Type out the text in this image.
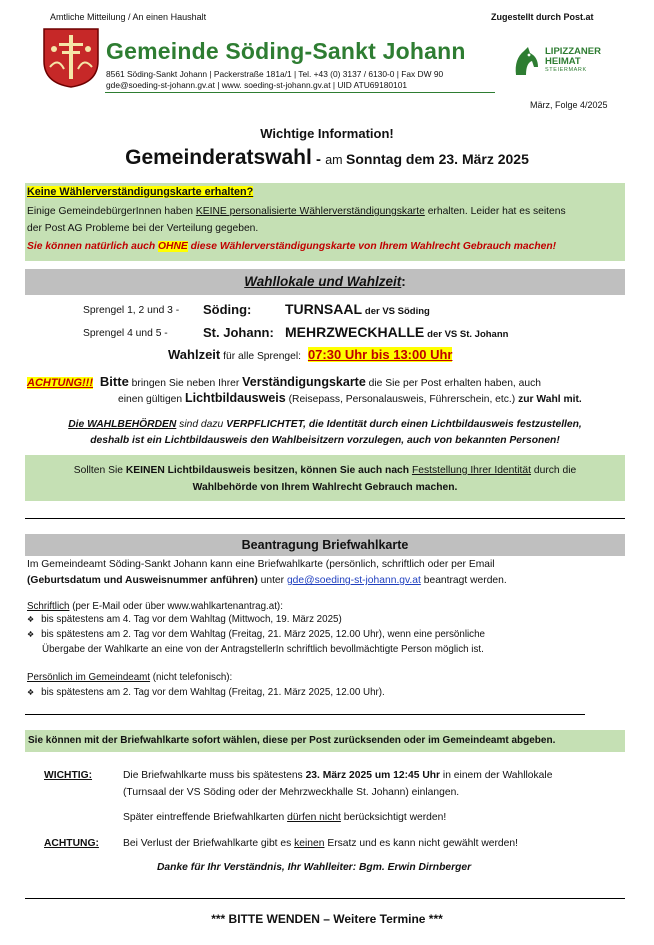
Amtliche Mitteilung / An einen Haushalt	Zugestellt durch Post.at
Gemeinde Söding-Sankt Johann
8561 Söding-Sankt Johann | Packerstraße 181a/1 | Tel. +43 (0) 3137 / 6130-0 | Fax DW 90
gde@soeding-st-johann.gv.at | www. soeding-st-johann.gv.at | UID ATU69180101
LIPIZZANER
HEIMAT
STEIERMARK
März, Folge 4/2025
Wichtige Information!
Gemeinderatswahl - am Sonntag dem 23. März 2025
Keine Wählerverständigungskarte erhalten?
Einige GemeindebürgerInnen haben KEINE personalisierte Wählerverständigungskarte erhalten. Leider hat es seitens
der Post AG Probleme bei der Verteilung gegeben.
Sie können natürlich auch OHNE diese Wählerverständigungskarte von Ihrem Wahlrecht Gebrauch machen!
Wahllokale und Wahlzeit:
Sprengel 1, 2 und 3 - Söding: TURNSAAL der VS Söding
Sprengel 4 und 5 -	St. Johann: MEHRZWECKHALLE der VS St. Johann
Wahlzeit für alle Sprengel: 07:30 Uhr bis 13:00 Uhr
ACHTUNG!!! Bitte bringen Sie neben Ihrer Verständigungskarte die Sie per Post erhalten haben, auch
einen gültigen Lichtbildausweis (Reisepass, Personalausweis, Führerschein, etc.) zur Wahl mit.
Die WAHLBEHÖRDEN sind dazu VERPFLICHTET, die Identität durch einen Lichtbildausweis festzustellen,
deshalb ist ein Lichtbildausweis den Wahlbeisitzern vorzulegen, auch von bekannten Personen!
Sollten Sie KEINEN Lichtbildausweis besitzen, können Sie auch nach Feststellung Ihrer Identität durch die
Wahlbehörde von Ihrem Wahlrecht Gebrauch machen.
Beantragung Briefwahlkarte
Im Gemeindeamt Söding-Sankt Johann kann eine Briefwahlkarte (persönlich, schriftlich oder per Email
(Geburtsdatum und Ausweisnummer anführen) unter gde@soeding-st-johann.gv.at beantragt werden.
Schriftlich (per E-Mail oder über www.wahlkartenantrag.at):
❖ bis spätestens am 4. Tag vor dem Wahltag (Mittwoch, 19. März 2025)
❖ bis spätestens am 2. Tag vor dem Wahltag (Freitag, 21. März 2025, 12.00 Uhr), wenn eine persönliche
Übergabe der Wahlkarte an eine von der AntragstellerIn schriftlich bevollmächtigte Person möglich ist.
Persönlich im Gemeindeamt (nicht telefonisch):
❖ bis spätestens am 2. Tag vor dem Wahltag (Freitag, 21. März 2025, 12.00 Uhr).
Sie können mit der Briefwahlkarte sofort wählen, diese per Post zurücksenden oder im Gemeindeamt abgeben.
WICHTIG:	Die Briefwahlkarte muss bis spätestens 23. März 2025 um 12:45 Uhr in einem der Wahllokale
(Turnsaal der VS Söding oder der Mehrzweckhalle St. Johann) einlangen.
Später eintreffende Briefwahlkarten dürfen nicht berücksichtigt werden!
ACHTUNG: Bei Verlust der Briefwahlkarte gibt es keinen Ersatz und es kann nicht gewählt werden!
Danke für Ihr Verständnis, Ihr Wahlleiter: Bgm. Erwin Dirnberger
*** BITTE WENDEN – Weitere Termine ***
